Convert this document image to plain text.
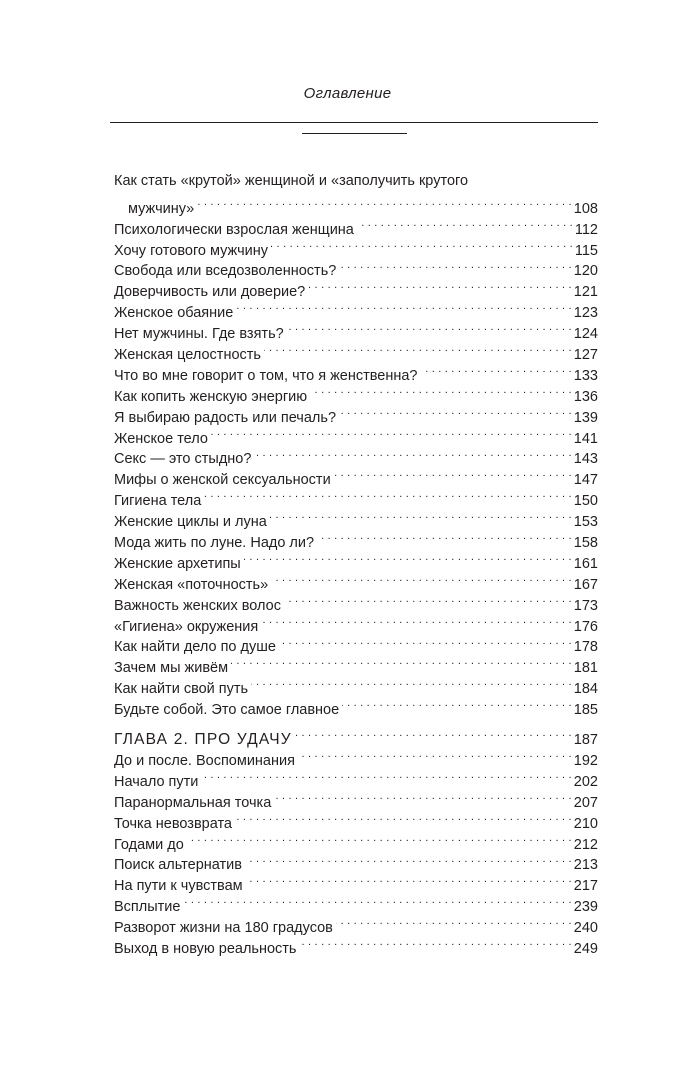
Оглавление
Как стать «крутой» женщиной и «заполучить крутого
мужчину» . . .	108
Психологически взрослая женщина . . .	112
Хочу готового мужчину . . .	115
Свобода или вседозволенность? . . .	120
Доверчивость или доверие? . . .	121
Женское обаяние . . .	123
Нет мужчины. Где взять? . . .	124
Женская целостность . . .	127
Что во мне говорит о том, что я женственна? . . .	133
Как копить женскую энергию . . .	136
Я выбираю радость или печаль? . . .	139
Женское тело . . .	141
Секс — это стыдно? . . .	143
Мифы о женской сексуальности . . .	147
Гигиена тела . . .	150
Женские циклы и луна . . .	153
Мода жить по луне. Надо ли? . . .	158
Женские архетипы . . .	161
Женская «поточность» . . .	167
Важность женских волос . . .	173
«Гигиена» окружения . . .	176
Как найти дело по душе . . .	178
Зачем мы живём . . .	181
Как найти свой путь . . .	184
Будьте собой. Это самое главное . . .	185
ГЛАВА 2. ПРО УДАЧУ . . .	187
До и после. Воспоминания . . .	192
Начало пути . . .	202
Паранормальная точка . . .	207
Точка невозврата . . .	210
Годами до . . .	212
Поиск альтернатив . . .	213
На пути к чувствам . . .	217
Всплытие . . .	239
Разворот жизни на 180 градусов . . .	240
Выход в новую реальность . . .	249
